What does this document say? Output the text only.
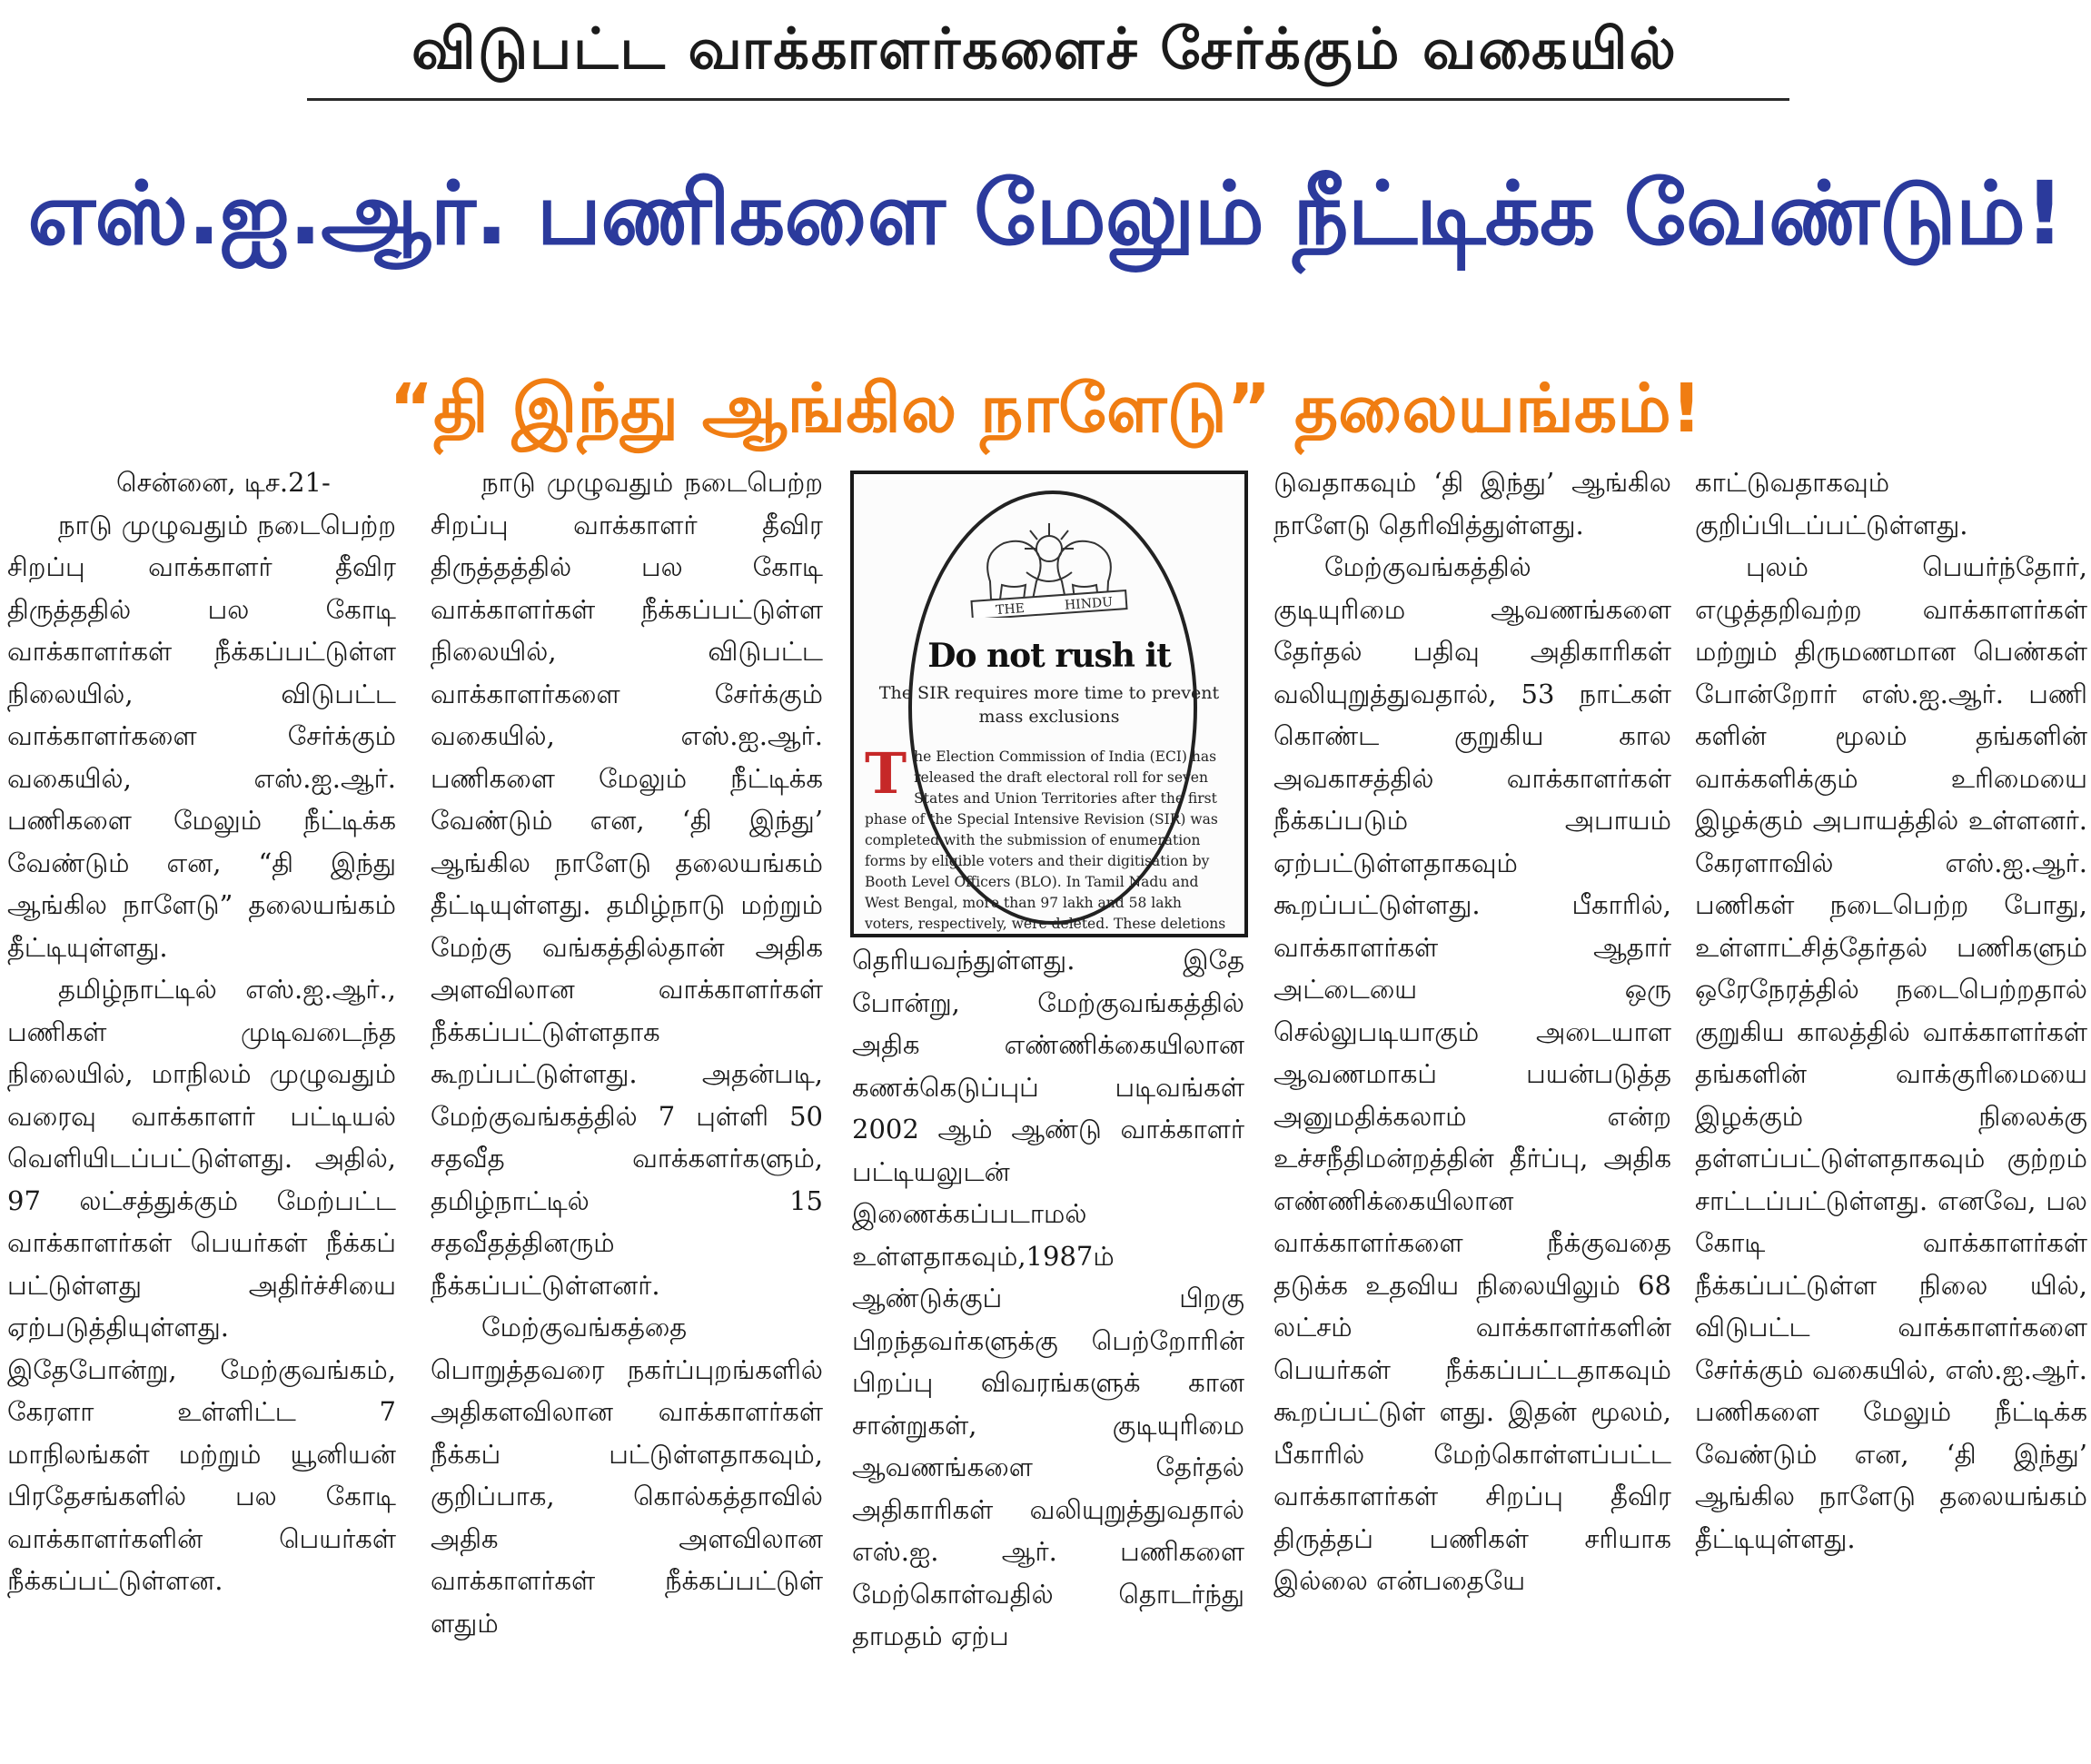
விடுபட்ட வாக்காளர்களைச் சேர்க்கும் வகையில்
எஸ்.ஐ.ஆர். பணிகளை மேலும் நீட்டிக்க வேண்டும்!
“தி இந்து ஆங்கில நாளேடு” தலையங்கம்!

சென்னை, டிச.21-

நாடு முழுவதும் நடைபெற்ற சிறப்பு வாக்காளர் தீவிர திருத்ததில் பல கோடி வாக்காளர்கள் நீக்கப்பட்டுள்ள நிலையில், விடுபட்ட வாக்காளர்களை சேர்க்கும் வகையில், எஸ்.ஐ.ஆர். பணிகளை மேலும் நீட்டிக்க வேண்டும் என, “தி இந்து ஆங்கில நாளேடு” தலையங்கம் தீட்டியுள்ளது.

தமிழ்நாட்டில் எஸ்.ஐ.ஆர்., பணிகள் முடிவடைந்த நிலையில், மாநிலம் முழுவதும் வரைவு வாக்காளர் பட்டியல் வெளியிடப்பட்டுள்ளது. அதில், 97 லட்சத்துக்கும் மேற்பட்ட வாக்காளர்கள் பெயர்கள் நீக்கப் பட்டுள்ளது அதிர்ச்சியை ஏற்படுத்தியுள்ளது. இதேபோன்று, மேற்குவங்கம், கேரளா உள்ளிட்ட 7 மாநிலங்கள் மற்றும் யூனியன் பிரதேசங்களில் பல கோடி வாக்காளர்களின் பெயர்கள் நீக்கப்பட்டுள்ளன.

நாடு முழுவதும் நடைபெற்ற சிறப்பு வாக்காளர் தீவிர திருத்தத்தில் பல கோடி வாக்காளர்கள் நீக்கப்பட்டுள்ள நிலையில், விடுபட்ட வாக்காளர்களை சேர்க்கும் வகையில், எஸ்.ஐ.ஆர். பணிகளை மேலும் நீட்டிக்க வேண்டும் என, ‘தி இந்து’ ஆங்கில நாளேடு தலையங்கம் தீட்டியுள்ளது. தமிழ்நாடு மற்றும் மேற்கு வங்கத்தில்தான் அதிக அளவிலான வாக்காளர்கள் நீக்கப்பட்டுள்ளதாக கூறப்பட்டுள்ளது. அதன்படி, மேற்குவங்கத்தில் 7 புள்ளி 50 சதவீத வாக்களர்களும், தமிழ்நாட்டில் 15 சதவீதத்தினரும் நீக்கப்பட்டுள்ளனர்.

மேற்குவங்கத்தை பொறுத்தவரை நகர்ப்புறங்களில் அதிகளவிலான வாக்காளர்கள் நீக்கப் பட்டுள்ளதாகவும், குறிப்பாக, கொல்கத்தாவில் அதிக அளவிலான வாக்காளர்கள் நீக்கப்பட்டுள் ளதும்

THE	HINDU
Do not rush it
The SIR requires more time to prevent mass exclusions
The Election Commission of India (ECI) has released the draft electoral roll for seven States and Union Territories after the first phase of the Special Intensive Revision (SIR) was completed with the submission of enumeration forms by eligible voters and their digitisation by Booth Level Officers (BLO). In Tamil Nadu and West Bengal, more than 97 lakh and 58 lakh voters, respectively, were deleted. These deletions

தெரியவந்துள்ளது. இதே போன்று, மேற்குவங்கத்தில் அதிக எண்ணிக்கையிலான கணக்கெடுப்புப் படிவங்கள் 2002 ஆம் ஆண்டு வாக்காளர் பட்டியலுடன் இணைக்கப்படாமல் உள்ளதாகவும்,1987ம் ஆண்டுக்குப் பிறகு பிறந்தவர்களுக்கு பெற்றோரின் பிறப்பு விவரங்களுக் கான சான்றுகள், குடியுரிமை ஆவணங்களை தேர்தல் அதிகாரிகள் வலியுறுத்துவதால் எஸ்.ஐ. ஆர். பணிகளை மேற்கொள்வதில் தொடர்ந்து தாமதம் ஏற்ப

டுவதாகவும் ‘தி இந்து’ ஆங்கில நாளேடு தெரிவித்துள்ளது.

மேற்குவங்கத்தில் குடியுரிமை ஆவணங்களை தேர்தல் பதிவு அதிகாரிகள் வலியுறுத்துவதால், 53 நாட்கள் கொண்ட குறுகிய கால அவகாசத்தில் வாக்காளர்கள் நீக்கப்படும் அபாயம் ஏற்பட்டுள்ளதாகவும் கூறப்பட்டுள்ளது. பீகாரில், வாக்காளர்கள் ஆதார் அட்டையை ஒரு செல்லுபடியாகும் அடையாள ஆவணமாகப் பயன்படுத்த அனுமதிக்கலாம் என்ற உச்சநீதிமன்றத்தின் தீர்ப்பு, அதிக எண்ணிக்கையிலான வாக்காளர்களை நீக்குவதை தடுக்க உதவிய நிலையிலும் 68 லட்சம் வாக்காளர்களின் பெயர்கள் நீக்கப்பட்டதாகவும் கூறப்பட்டுள் ளது. இதன் மூலம், பீகாரில் மேற்கொள்ளப்பட்ட வாக்காளர்கள் சிறப்பு தீவிர திருத்தப் பணிகள் சரியாக இல்லை என்பதையே

காட்டுவதாகவும் குறிப்பிடப்பட்டுள்ளது.

புலம் பெயர்ந்தோர், எழுத்தறிவற்ற வாக்காளர்கள் மற்றும் திருமணமான பெண்கள் போன்றோர் எஸ்.ஐ.ஆர். பணி களின் மூலம் தங்களின் வாக்களிக்கும் உரிமையை இழக்கும் அபாயத்தில் உள்ளனர். கேரளாவில் எஸ்.ஐ.ஆர். பணிகள் நடைபெற்ற போது, உள்ளாட்சித்தேர்தல் பணிகளும் ஒரேநேரத்தில் நடைபெற்றதால் குறுகிய காலத்தில் வாக்காளர்கள் தங்களின் வாக்குரிமையை இழக்கும் நிலைக்கு தள்ளப்பட்டுள்ளதாகவும் குற்றம் சாட்டப்பட்டுள்ளது. எனவே, பல கோடி வாக்காளர்கள் நீக்கப்பட்டுள்ள நிலை யில், விடுபட்ட வாக்காளர்களை சேர்க்கும் வகையில், எஸ்.ஐ.ஆர். பணிகளை மேலும் நீட்டிக்க வேண்டும் என, ‘தி இந்து’ ஆங்கில நாளேடு தலையங்கம் தீட்டியுள்ளது.
